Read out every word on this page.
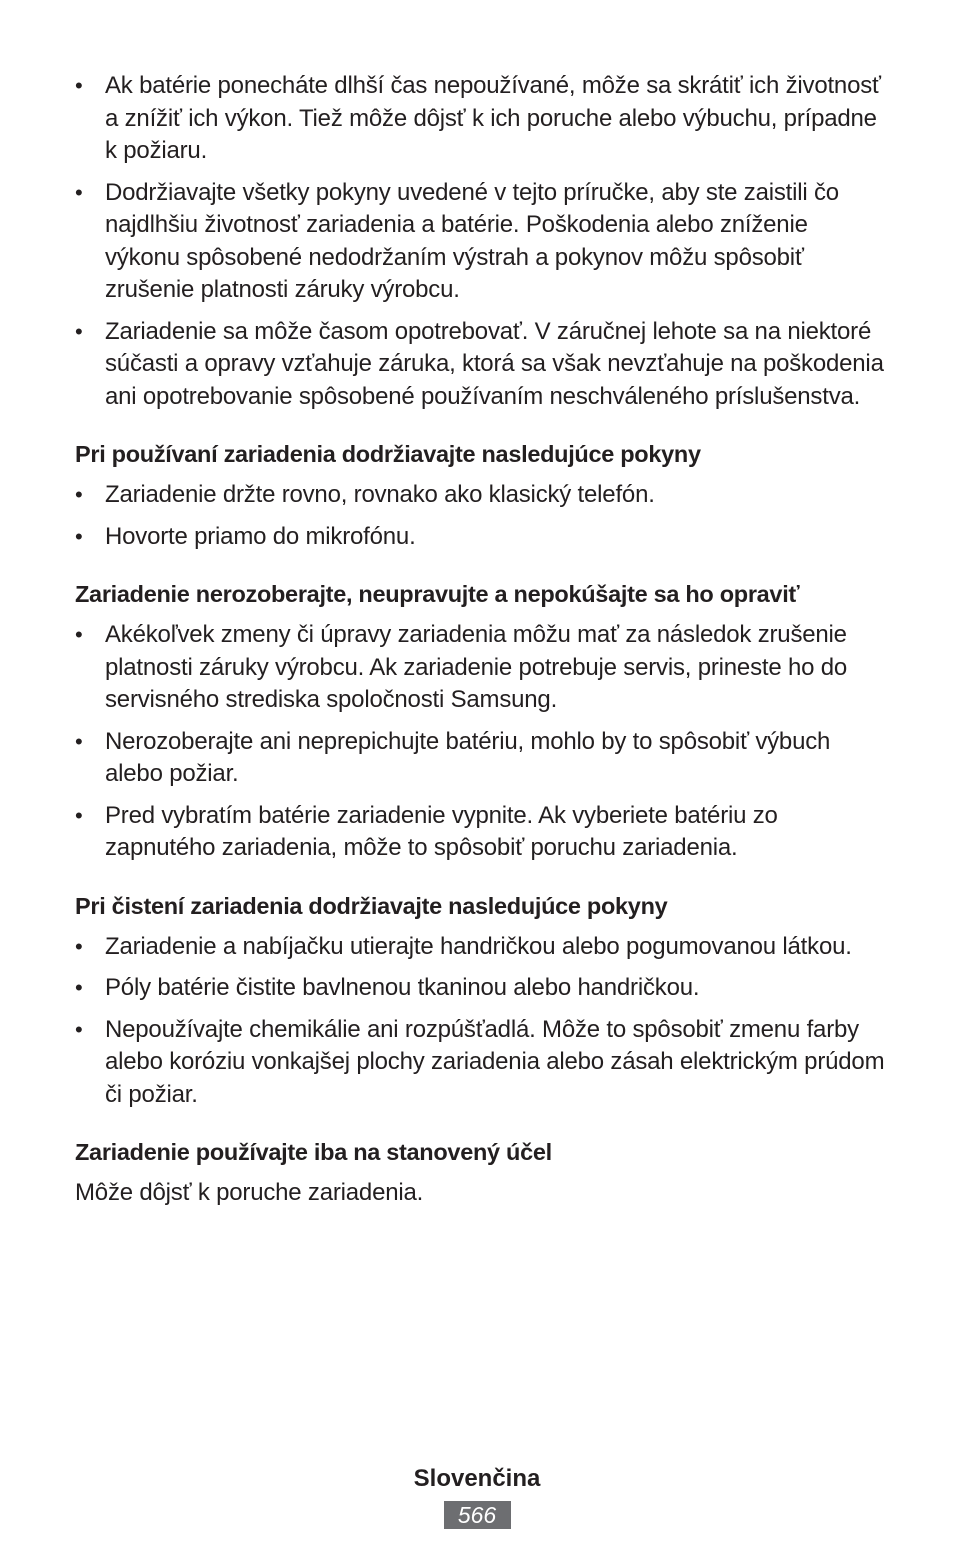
• Ak batérie ponecháte dlhší čas nepoužívané, môže sa skrátiť ich životnosť a znížiť ich výkon. Tiež môže dôjsť k ich poruche alebo výbuchu, prípadne k požiaru.
• Dodržiavajte všetky pokyny uvedené v tejto príručke, aby ste zaistili čo najdlhšiu životnosť zariadenia a batérie. Poškodenia alebo zníženie výkonu spôsobené nedodržaním výstrah a pokynov môžu spôsobiť zrušenie platnosti záruky výrobcu.
• Zariadenie sa môže časom opotrebovať. V záručnej lehote sa na niektoré súčasti a opravy vzťahuje záruka, ktorá sa však nevzťahuje na poškodenia ani opotrebovanie spôsobené používaním neschváleného príslušenstva.
Pri používaní zariadenia dodržiavajte nasledujúce pokyny
• Zariadenie držte rovno, rovnako ako klasický telefón.
• Hovorte priamo do mikrofónu.
Zariadenie nerozoberajte, neupravujte a nepokúšajte sa ho opraviť
• Akékoľvek zmeny či úpravy zariadenia môžu mať za následok zrušenie platnosti záruky výrobcu. Ak zariadenie potrebuje servis, prineste ho do servisného strediska spoločnosti Samsung.
• Nerozoberajte ani neprepichujte batériu, mohlo by to spôsobiť výbuch alebo požiar.
• Pred vybratím batérie zariadenie vypnite. Ak vyberiete batériu zo zapnutého zariadenia, môže to spôsobiť poruchu zariadenia.
Pri čistení zariadenia dodržiavajte nasledujúce pokyny
• Zariadenie a nabíjačku utierajte handričkou alebo pogumovanou látkou.
• Póly batérie čistite bavlnenou tkaninou alebo handričkou.
• Nepoužívajte chemikálie ani rozpúšťadlá. Môže to spôsobiť zmenu farby alebo koróziu vonkajšej plochy zariadenia alebo zásah elektrickým prúdom či požiar.
Zariadenie používajte iba na stanovený účel

Môže dôjsť k poruche zariadenia.

Slovenčina
566
